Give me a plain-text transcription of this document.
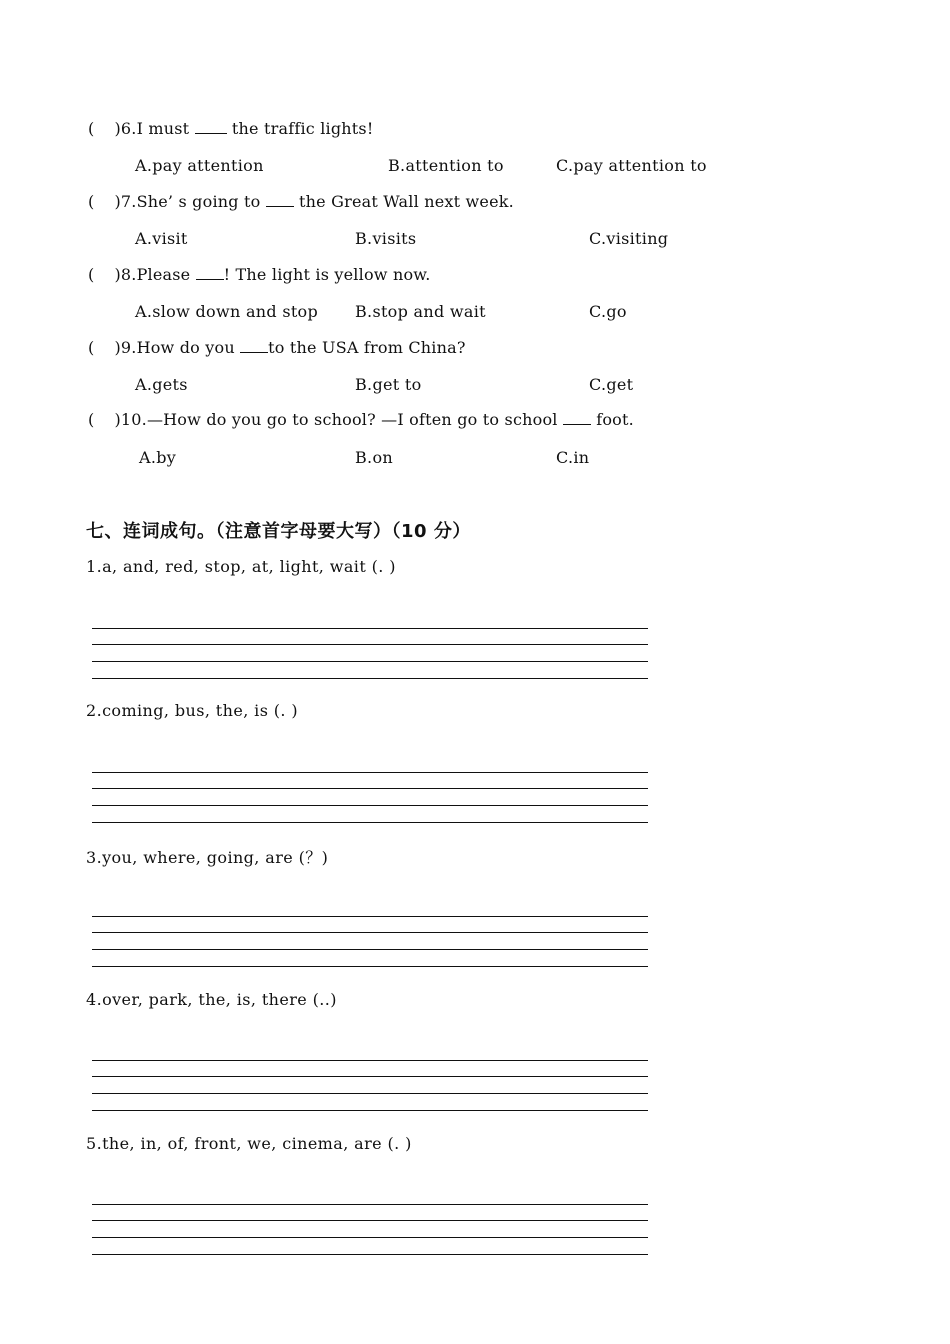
( )6.I must	the traffic lights!
A.pay attention	B.attention to	C.pay attention to
( )7.She’ s going to the Great Wall next week.
A.visit	B.visits	C.visiting
( )8.Please ! The light is yellow now.
A.slow down and stop B.stop and wait	C.go
( )9.How do you to the USA from China?
A.gets	B.get to	C.get
( )10.—How do you go to school? —I often go to school foot.
A.by	B.on	C.in
七、连词成句。（注意首字母要大写）（10 分）
1.a, and, red, stop, at, light, wait (. )
2.coming, bus, the, is (. )
3.you, where, going, are (？)
4.over, park, the, is, there (..)
5.the, in, of, front, we, cinema, are (. )
